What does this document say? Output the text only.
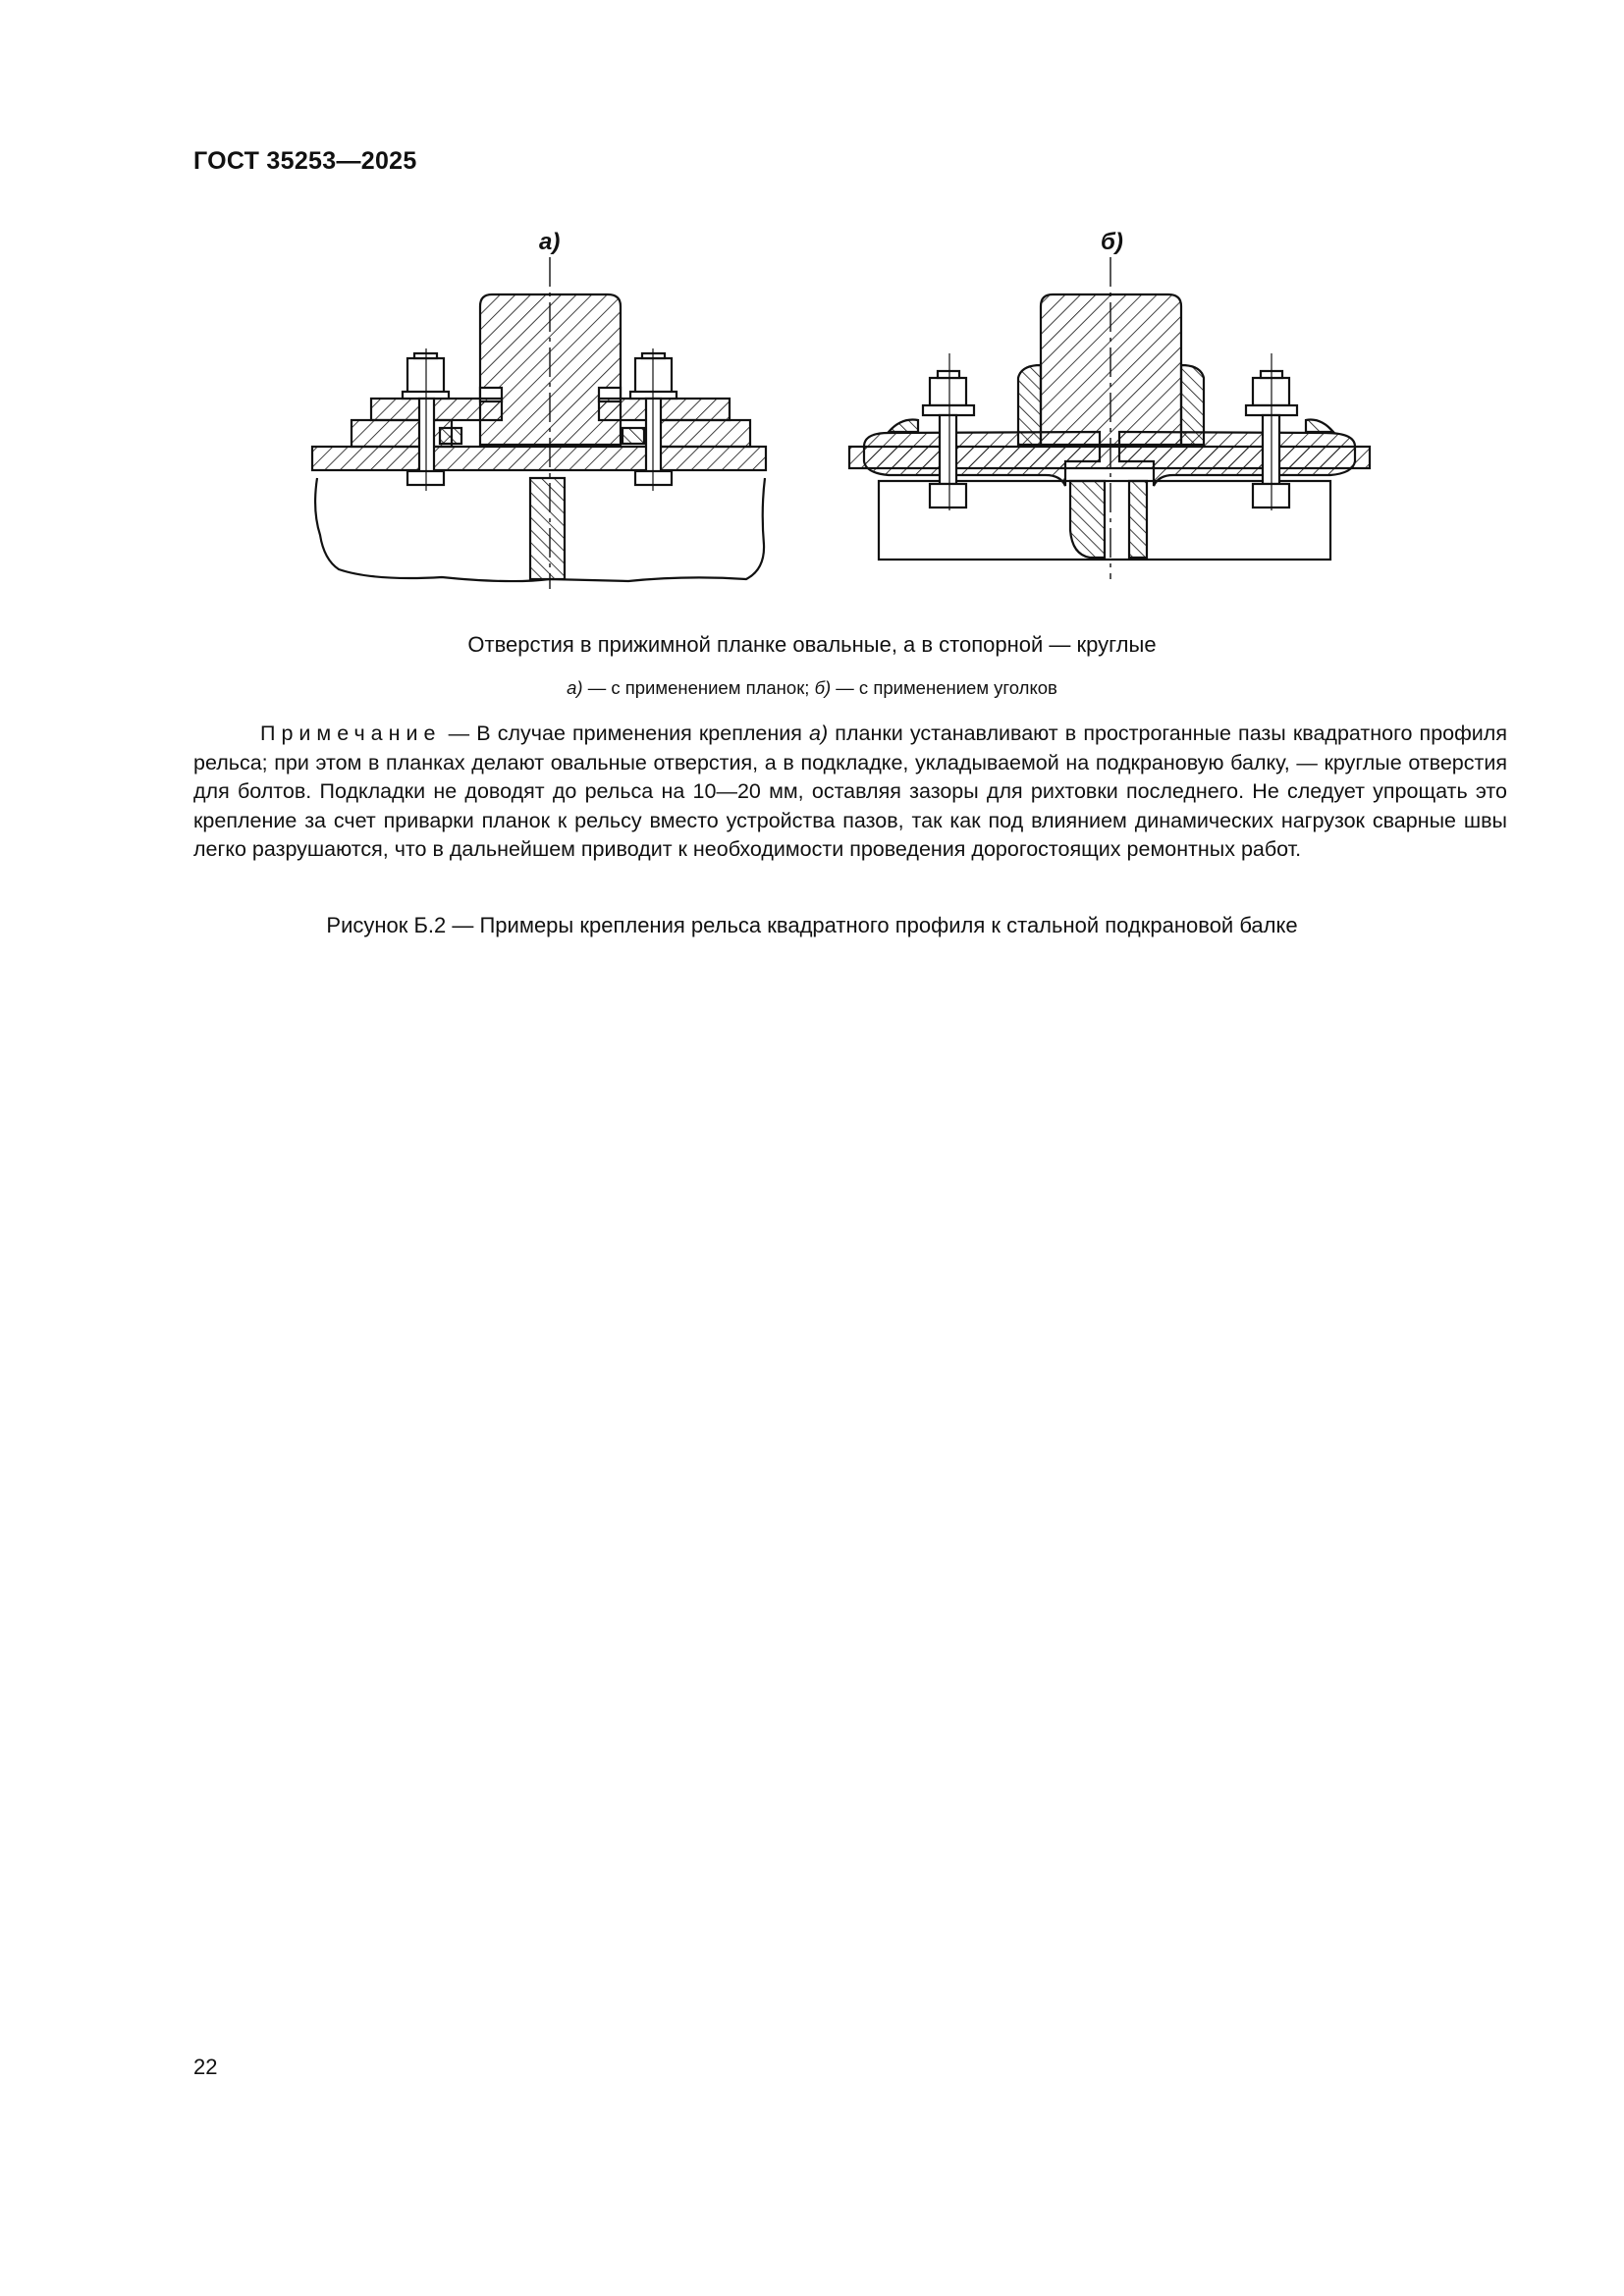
ГОСТ 35253—2025
а)	б)
Отверстия в прижимной планке овальные, а в стопорной — круглые
а) — с применением планок; б) — с применением уголков
Примечание — В случае применения крепления а) планки устанавливают в прострoганные пазы квадратного профиля рельса; при этом в планках делают овальные отверстия, а в подкладке, укладываемой на подкрановую балку, — круглые отверстия для болтов. Подкладки не доводят до рельса на 10—20 мм, оставляя зазоры для рихтовки последнего. Не следует упрощать это крепление за счет приварки планок к рельсу вместо устройства пазов, так как под влиянием динамических нагрузок сварные швы легко разрушаются, что в дальнейшем приводит к необходимости проведения дорогостоящих ремонтных работ.
Рисунок Б.2 — Примеры крепления рельса квадратного профиля к стальной подкрановой балке
22
